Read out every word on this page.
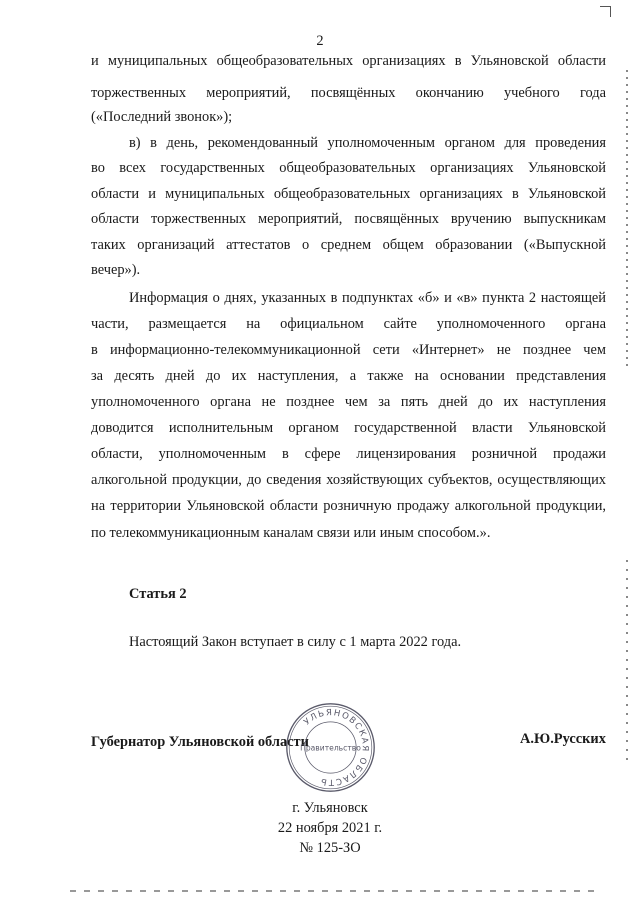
2
и муниципальных общеобразовательных организациях в Ульяновской области
торжественных мероприятий, посвящённых окончанию учебного года
(«Последний звонок»);
в) в день, рекомендованный уполномоченным органом для проведения
во всех государственных общеобразовательных организациях Ульяновской
области и муниципальных общеобразовательных организациях в Ульяновской
области торжественных мероприятий, посвящённых вручению выпускникам
таких организаций аттестатов о среднем общем образовании («Выпускной
вечер»).
Информация о днях, указанных в подпунктах «б» и «в» пункта 2 настоящей
части, размещается на официальном сайте уполномоченного органа
в информационно-телекоммуникационной сети «Интернет» не позднее чем
за десять дней до их наступления, а также на основании представления
уполномоченного органа не позднее чем за пять дней до их наступления
доводится исполнительным органом государственной власти Ульяновской
области, уполномоченным в сфере лицензирования розничной продажи
алкогольной продукции, до сведения хозяйствующих субъектов, осуществляющих
на территории Ульяновской области розничную продажу алкогольной продукции,
по телекоммуникационным каналам связи или иным способом.».
Статья 2
Настоящий Закон вступает в силу с 1 марта 2022 года.
Губернатор Ульяновской области	А.Ю.Русских
УЛЬЯНОВСКАЯ ОБЛАСТЬ
Правительство
г. Ульяновск
22 ноября 2021 г.
№ 125-ЗО
